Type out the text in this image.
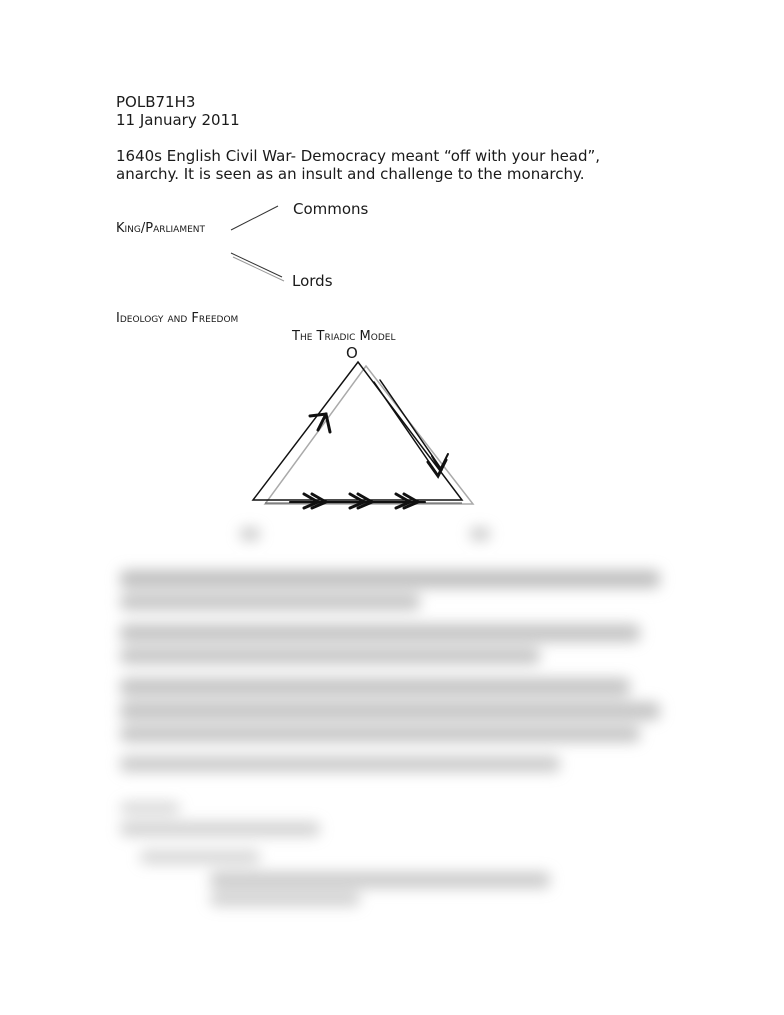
POLB71H3
11 January 2011
1640s English Civil War- Democracy meant “off with your head”,
anarchy. It is seen as an insult and challenge to the monarchy.
Commons
King/Parliament
Lords
Ideology and Freedom
The Triadic Model
O
